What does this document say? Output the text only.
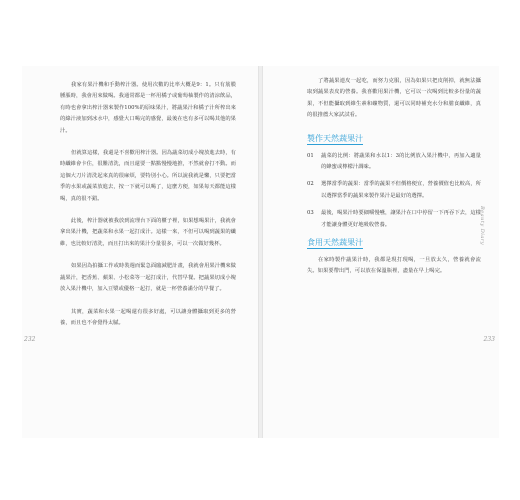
我家有果汁機和手動榨汁器。使用次數的比率大概是9：1。只有筋膜腫脹時，我會用來做喝。我通常都是一杯用橘子或葡萄柚製作的清涼飲品，有時也會拿出榨汁器來製作100%的原味果汁，將蔬果汁和橘子汁所榨出來的綠汁液加到冰水中，感覺大口喝完的感覺，最後在也有多可以喝其他的果汁。

但就算這樣，我還是不喜歡用榨汁器。因為蔬菜切成小塊放進去時，有時纖維會卡住，很難清洗，而且還要一點點慢慢地推，不然就會打不動。而這個大刀片清洗起來真的很麻煩，要特別小心。所以說我就是懶，只要把當季的水果或蔬菜放進去，按一下就可以喝了，這麼方便，如果每天都能這樣喝，真的很不錯。

此後，榨汁器就被我放到流理台下面的櫃子裡，如果想喝果汁，我就會拿出果汁機，把蔬菜和水果一起打成汁。這樣一來，不但可以喝到蔬果的纖維，也比較好清洗，而且打出來的果汁分量很多，可以一次做好幾杯。

如果因為拍攝工作或時裝週而緊急面臨減肥計畫，我就會用果汁機來做蔬果汁，把香蕉、蘋果、小松菜等一起打成汁，代替早餐。把蔬果切成小塊放入果汁機中，加入豆漿或優格一起打，就是一杯營養滿分的早餐了。

其實，蔬菜和水果一起喝還有很多好處，可以讓身體攝取到更多的營養，而且也不會覺得太膩。

232
Beauty Diary

了將蔬果連皮一起吃，而努力克服，因為如果只把皮削掉，就無法攝取到蔬果表皮的營養。我喜歡用果汁機，它可以一次喝到比較多份量的蔬果，不但能攝取到維生素和礦物質，還可以同時補充水分和膳食纖維，真的很推薦大家試試看。

製作天然蔬果汁
01	蔬菜的比例：將蔬果和水以1：3的比例放入果汁機中，再加入適量的蜂蜜或檸檬汁調味。
02	選擇當季的蔬果：當季的蔬果不但價格便宜，營養價值也比較高，所以選擇當季的蔬果來製作果汁是最好的選擇。
03	最後，喝果汁時要細嚼慢嚥，讓果汁在口中停留一下再吞下去，這樣才能讓身體更好地吸收營養。
食用天然蔬果汁

在家時製作蔬果汁時，我都是現打現喝，一旦放太久，營養就會流失。如果要帶出門，可以放在保溫瓶裡，盡量在早上喝完。

233
